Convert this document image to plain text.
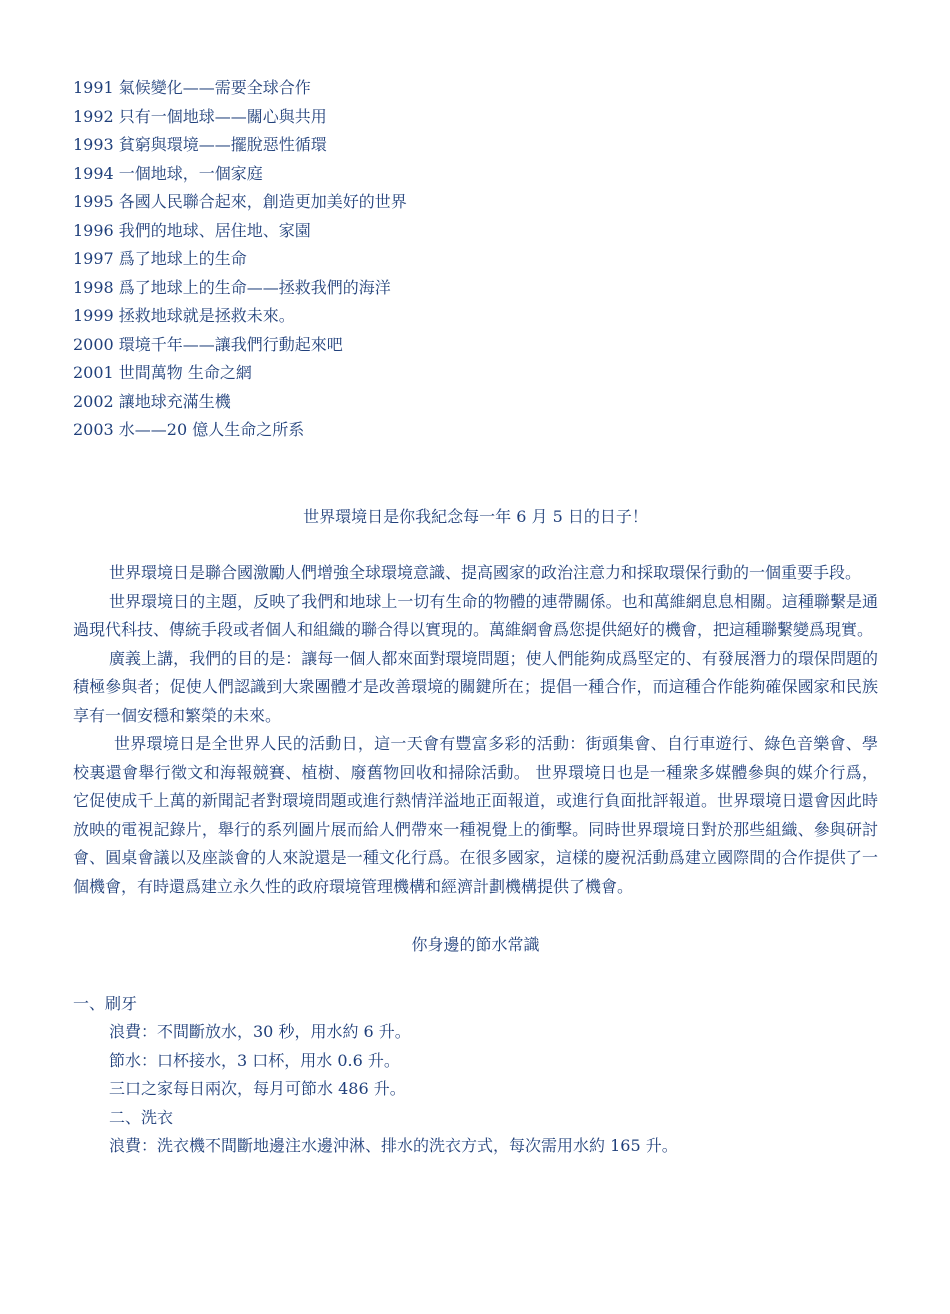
1991 氣候變化——需要全球合作
1992 只有一個地球——關心與共用
1993 貧窮與環境——擺脫惡性循環
1994 一個地球，一個家庭
1995 各國人民聯合起來，創造更加美好的世界
1996 我們的地球、居住地、家園
1997 爲了地球上的生命
1998 爲了地球上的生命——拯救我們的海洋
1999 拯救地球就是拯救未來。
2000 環境千年——讓我們行動起來吧
2001 世間萬物 生命之網
2002 讓地球充滿生機
2003 水——20 億人生命之所系
世界環境日是你我紀念每一年 6 月 5 日的日子！
世界環境日是聯合國激勵人們增強全球環境意識、提高國家的政治注意力和採取環保行動的一個重要手段。
世界環境日的主題，反映了我們和地球上一切有生命的物體的連帶關係。也和萬維網息息相關。這種聯繫是通過現代科技、傳統手段或者個人和組織的聯合得以實現的。萬維網會爲您提供絕好的機會，把這種聯繫變爲現實。
廣義上講，我們的目的是：讓每一個人都來面對環境問題；使人們能夠成爲堅定的、有發展潛力的環保問題的積極參與者；促使人們認識到大衆團體才是改善環境的關鍵所在；提倡一種合作，而這種合作能夠確保國家和民族享有一個安穩和繁榮的未來。
世界環境日是全世界人民的活動日，這一天會有豐富多彩的活動：街頭集會、自行車遊行、綠色音樂會、學校裏還會舉行徵文和海報競賽、植樹、廢舊物回收和掃除活動。 世界環境日也是一種衆多媒體參與的媒介行爲，它促使成千上萬的新聞記者對環境問題或進行熱情洋溢地正面報道，或進行負面批評報道。世界環境日還會因此時放映的電視記錄片，舉行的系列圖片展而給人們帶來一種視覺上的衝擊。同時世界環境日對於那些組織、參與研討會、圓桌會議以及座談會的人來說還是一種文化行爲。在很多國家，這樣的慶祝活動爲建立國際間的合作提供了一個機會，有時還爲建立永久性的政府環境管理機構和經濟計劃機構提供了機會。
你身邊的節水常識
一、刷牙
浪費：不間斷放水，30 秒，用水約 6 升。
節水：口杯接水，3 口杯，用水 0.6 升。
三口之家每日兩次，每月可節水 486 升。
二、洗衣
浪費：洗衣機不間斷地邊注水邊沖淋、排水的洗衣方式，每次需用水約 165 升。
